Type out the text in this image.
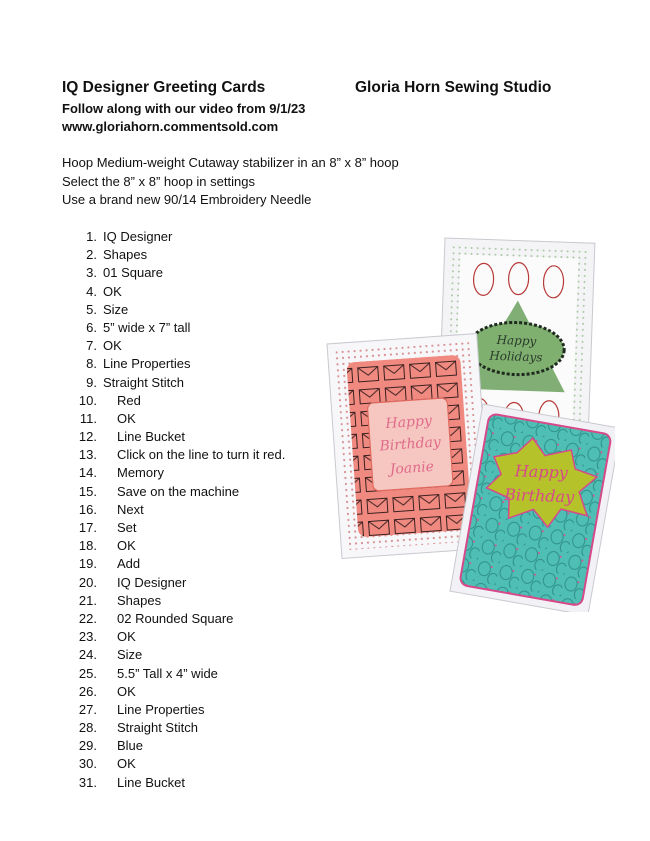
IQ Designer Greeting Cards	Gloria Horn Sewing Studio
Follow along with our video from 9/1/23
www.gloriahorn.commentsold.com
Hoop Medium-weight Cutaway stabilizer in an 8” x 8” hoop
Select the 8” x 8” hoop in settings
Use a brand new 90/14 Embroidery Needle
1. IQ Designer
2. Shapes
3. 01 Square
4. OK
5. Size
6. 5” wide x 7” tall
7. OK
8. Line Properties
9. Straight Stitch
10. Red
11. OK
12. Line Bucket
13. Click on the line to turn it red.
14. Memory
15. Save on the machine
16. Next
17. Set
18. OK
19. Add
20. IQ Designer
21. Shapes
22. 02 Rounded Square
23. OK
24. Size
25. 5.5” Tall x 4” wide
26. OK
27. Line Properties
28. Straight Stitch
29. Blue
30. OK
31. Line Bucket
Happy
Holidays
Happy
Birthday
Joanie	Happy
Birthday
